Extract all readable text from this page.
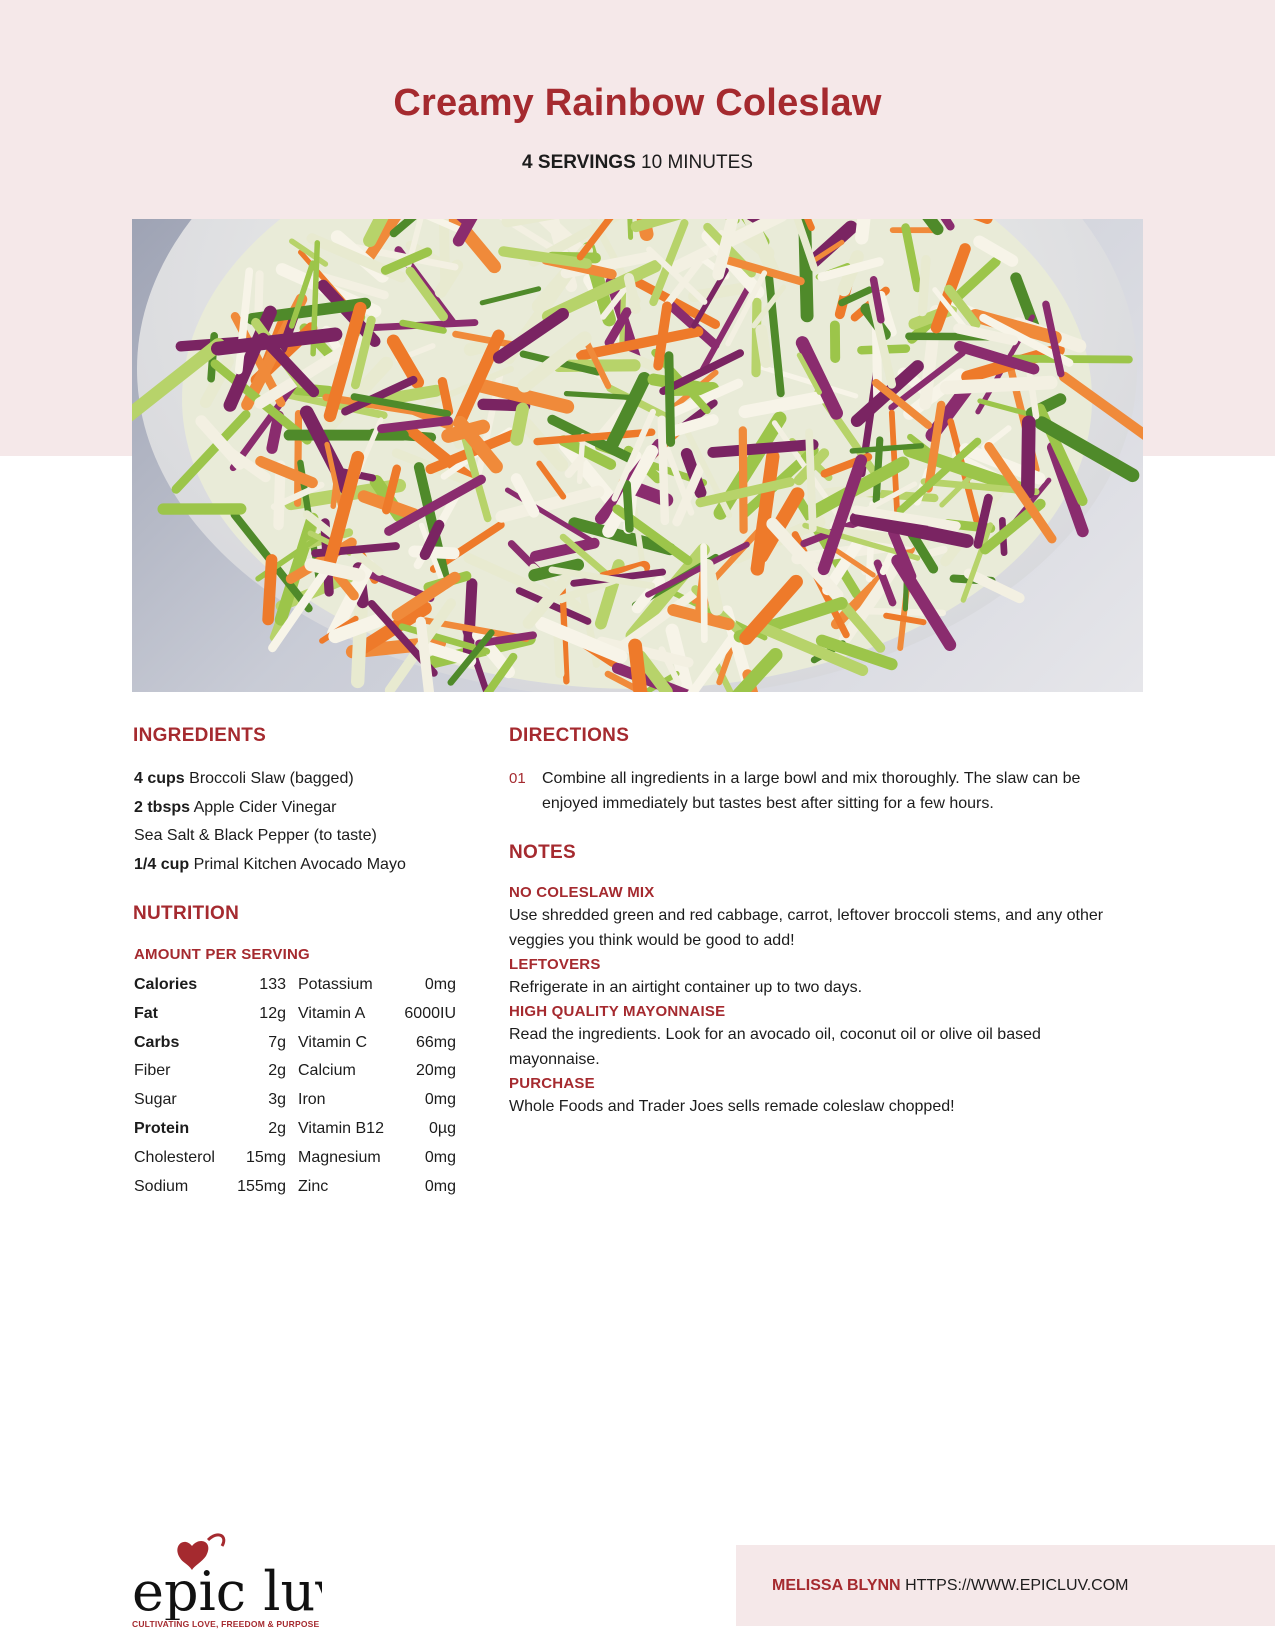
Creamy Rainbow Coleslaw
4 SERVINGS 10 MINUTES
INGREDIENTS
4 cups Broccoli Slaw (bagged)
2 tbsps Apple Cider Vinegar
Sea Salt & Black Pepper (to taste)
1/4 cup Primal Kitchen Avocado Mayo
NUTRITION
AMOUNT PER SERVING
Calories	133 Potassium	0mg
Fat	12g Vitamin A	6000IU
Carbs	7g Vitamin C	66mg
Fiber	2g Calcium	20mg
Sugar	3g Iron	0mg
Protein	2g Vitamin B12	0µg
Cholesterol	15mg Magnesium	0mg
Sodium	155mg Zinc	0mg
DIRECTIONS
01	Combine all ingredients in a large bowl and mix thoroughly. The slaw can be enjoyed immediately but tastes best after sitting for a few hours.
NOTES
NO COLESLAW MIX
Use shredded green and red cabbage, carrot, leftover broccoli stems, and any other veggies you think would be good to add!
LEFTOVERS
Refrigerate in an airtight container up to two days.
HIGH QUALITY MAYONNAISE
Read the ingredients. Look for an avocado oil, coconut oil or olive oil based mayonnaise.
PURCHASE
Whole Foods and Trader Joes sells remade coleslaw chopped!
epic lu
CULTIVATING LOVE, FREEDOM & PURPOSE
MELISSA BLYNN HTTPS://WWW.EPICLUV.COM
